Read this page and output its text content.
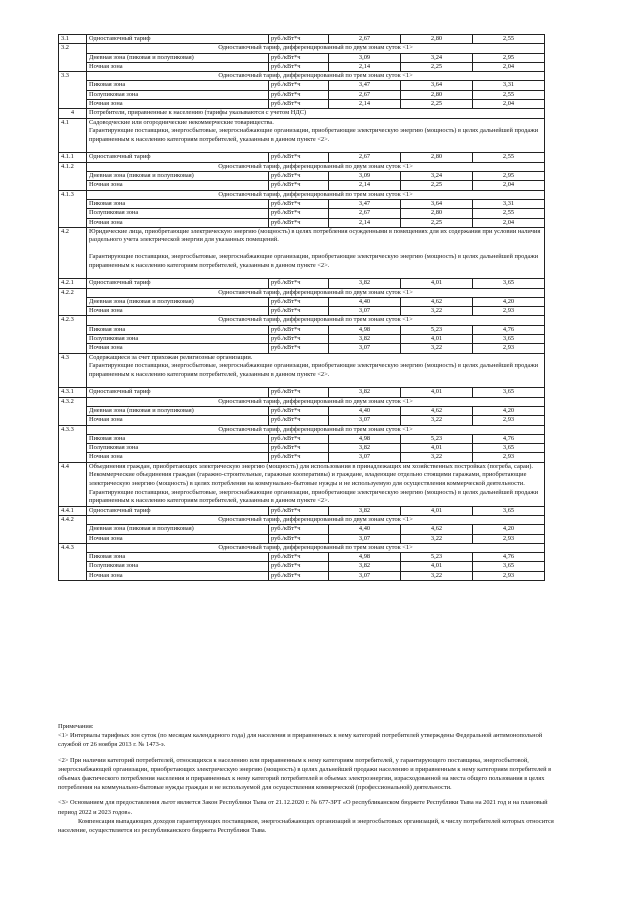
3.1	Одноставочный тариф	руб./кВт*ч	2,67	2,80	2,55
3.2	Одноставочный тариф, дифференцированный по двум зонам суток <1>				
	Дневная зона (пиковая и полупиковая)	руб./кВт*ч	3,09	3,24	2,95
	Ночная зона	руб./кВт*ч	2,14	2,25	2,04
3.3	Одноставочный тариф, дифференцированный по трем зонам суток <1>				
	Пиковая зона	руб./кВт*ч	3,47	3,64	3,31
	Полупиковая зона	руб./кВт*ч	2,67	2,80	2,55
	Ночная зона	руб./кВт*ч	2,14	2,25	2,04
4	Потребители, приравненные к населению (тарифы указываются с учетом НДС)				
4.1	Садоводческие или огороднические некоммерческие товарищества.
Гарантирующие поставщики, энергосбытовые, энергоснабжающие организации, приобретающие электрическую энергию (мощность) в целях дальнейшей продажи приравненным к населению категориям потребителей, указанным в данном пункте <2>.				

4.1.1	Одноставочный тариф	руб./кВт*ч	2,67	2,80	2,55
4.1.2	Одноставочный тариф, дифференцированный по двум зонам суток <1>				
	Дневная зона (пиковая и полупиковая)	руб./кВт*ч	3,09	3,24	2,95
	Ночная зона	руб./кВт*ч	2,14	2,25	2,04
4.1.3	Одноставочный тариф, дифференцированный по трем зонам суток <1>				
	Пиковая зона	руб./кВт*ч	3,47	3,64	3,31
	Полупиковая зона	руб./кВт*ч	2,67	2,80	2,55
	Ночная зона	руб./кВт*ч	2,14	2,25	2,04
4.2	Юридические лица, приобретающие электрическую энергию (мощность) в целях потребления осужденными в помещениях для их содержания при условии наличия раздельного учета электрической энергии для указанных помещений.
Гарантирующие поставщики, энергосбытовые, энергоснабжающие организации, приобретающие электрическую энергию (мощность) в целях дальнейшей продажи приравненным к населению категориям потребителей, указанным в данном пункте <2>.				

4.2.1	Одноставочный тариф	руб./кВт*ч	3,82	4,01	3,65
4.2.2	Одноставочный тариф, дифференцированный по двум зонам суток <1>				
	Дневная зона (пиковая и полупиковая)	руб./кВт*ч	4,40	4,62	4,20
	Ночная зона	руб./кВт*ч	3,07	3,22	2,93
4.2.3	Одноставочный тариф, дифференцированный по трем зонам суток <1>				
	Пиковая зона	руб./кВт*ч	4,98	5,23	4,76
	Полупиковая зона	руб./кВт*ч	3,82	4,01	3,65
	Ночная зона	руб./кВт*ч	3,07	3,22	2,93
4.3	Содержащиеся за счет прихожан религиозные организации.
Гарантирующие поставщики, энергосбытовые, энергоснабжающие организации, приобретающие электрическую энергию (мощность) в целях дальнейшей продажи приравненным к населению категориям потребителей, указанным в данном пункте <2>.				

4.3.1	Одноставочный тариф	руб./кВт*ч	3,82	4,01	3,65
4.3.2	Одноставочный тариф, дифференцированный по двум зонам суток <1>				
	Дневная зона (пиковая и полупиковая)	руб./кВт*ч	4,40	4,62	4,20
	Ночная зона	руб./кВт*ч	3,07	3,22	2,93
4.3.3	Одноставочный тариф, дифференцированный по трем зонам суток <1>				
	Пиковая зона	руб./кВт*ч	4,98	5,23	4,76
	Полупиковая зона	руб./кВт*ч	3,82	4,01	3,65
	Ночная зона	руб./кВт*ч	3,07	3,22	2,93
4.4	Объединения граждан, приобретающих электрическую энергию (мощность) для использования в принадлежащих им хозяйственных постройках (погреба, сараи).
Некоммерческие объединения граждан (гаражно-строительные, гаражные кооперативы) и граждане, владеющие отдельно стоящими гаражами, приобретающие электрическую энергию (мощность) в целях потребления на коммунально-бытовые нужды и не используемую для осуществления коммерческой деятельности.
Гарантирующие поставщики, энергосбытовые, энергоснабжающие организации, приобретающие электрическую энергию (мощность) в целях дальнейшей продажи приравненным к населению категориям потребителей, указанным в данном пункте <2>.				

4.4.1	Одноставочный тариф	руб./кВт*ч	3,82	4,01	3,65
4.4.2	Одноставочный тариф, дифференцированный по двум зонам суток <1>				
	Дневная зона (пиковая и полупиковая)	руб./кВт*ч	4,40	4,62	4,20
	Ночная зона	руб./кВт*ч	3,07	3,22	2,93
4.4.3	Одноставочный тариф, дифференцированный по трем зонам суток <1>				
	Пиковая зона	руб./кВт*ч	4,98	5,23	4,76
	Полупиковая зона	руб./кВт*ч	3,82	4,01	3,65
	Ночная зона	руб./кВт*ч	3,07	3,22	2,93

Примечания:

<1> Интервалы тарифных зон суток (по месяцам календарного года) для населения и приравненных к нему категорий потребителей утверждены Федеральной антимонопольной службой от 26 ноября 2013 г. № 1473-э.

<2> При наличии категорий потребителей, относящихся к населению или приравненным к нему категориям потребителей, у гарантирующего поставщика, энергосбытовой, энергоснабжающей организации, приобретающих электрическую энергию (мощность) в целях дальнейшей продажи населению и приравненным к нему категориям потребителей в объемах фактического потребления населения и приравненных к нему категорий потребителей и объемах электроэнергии, израсходованной на места общего пользования в целях потребления на коммунально-бытовые нужды граждан и не используемой для осуществления коммерческой (профессиональной) деятельности.

<3> Основанием для предоставления льгот является Закон Республики Тыва от 21.12.2020 г. № 677-ЗРТ «О республиканском бюджете Республики Тыва на 2021 год и на плановый период 2022 и 2023 годов».

Компенсация выпадающих доходов гарантирующих поставщиков, энергоснабжающих организаций и энергосбытовых организаций, к числу потребителей которых относится население, осуществляется из республиканского бюджета Республики Тыва.
